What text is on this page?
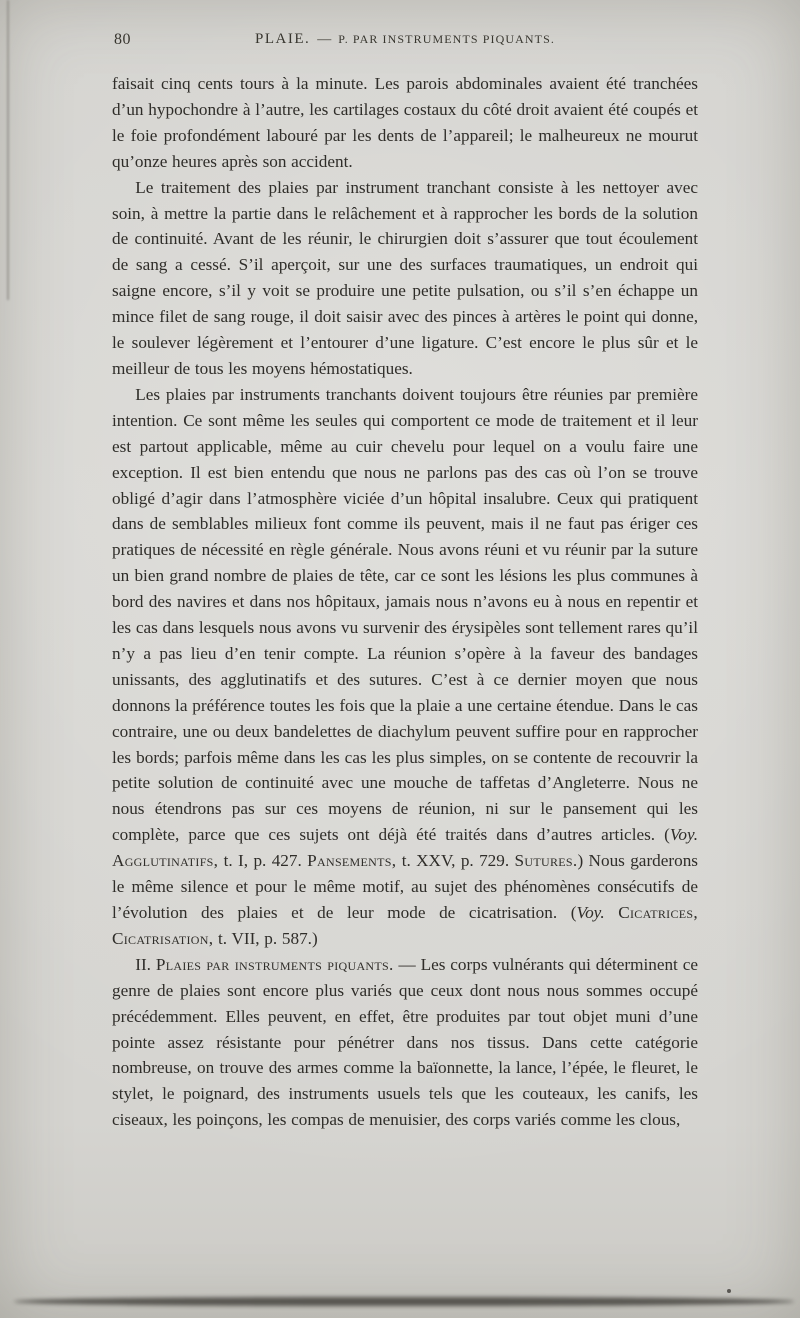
80	PLAIE. — P. PAR INSTRUMENTS PIQUANTS.

faisait cinq cents tours à la minute. Les parois abdominales avaient été tranchées d’un hypochondre à l’autre, les cartilages costaux du côté droit avaient été coupés et le foie profondément labouré par les dents de l’appareil; le malheureux ne mourut qu’onze heures après son accident.

Le traitement des plaies par instrument tranchant consiste à les nettoyer avec soin, à mettre la partie dans le relâchement et à rapprocher les bords de la solution de continuité. Avant de les réunir, le chirurgien doit s’assurer que tout écoulement de sang a cessé. S’il aperçoit, sur une des surfaces traumatiques, un endroit qui saigne encore, s’il y voit se produire une petite pulsation, ou s’il s’en échappe un mince filet de sang rouge, il doit saisir avec des pinces à artères le point qui donne, le soulever légèrement et l’entourer d’une ligature. C’est encore le plus sûr et le meilleur de tous les moyens hémostatiques.

Les plaies par instruments tranchants doivent toujours être réunies par première intention. Ce sont même les seules qui comportent ce mode de traitement et il leur est partout applicable, même au cuir chevelu pour lequel on a voulu faire une exception. Il est bien entendu que nous ne parlons pas des cas où l’on se trouve obligé d’agir dans l’atmosphère viciée d’un hôpital insalubre. Ceux qui pratiquent dans de semblables milieux font comme ils peuvent, mais il ne faut pas ériger ces pratiques de nécessité en règle générale. Nous avons réuni et vu réunir par la suture un bien grand nombre de plaies de tête, car ce sont les lésions les plus communes à bord des navires et dans nos hôpitaux, jamais nous n’avons eu à nous en repentir et les cas dans lesquels nous avons vu survenir des érysipèles sont tellement rares qu’il n’y a pas lieu d’en tenir compte. La réunion s’opère à la faveur des bandages unissants, des agglutinatifs et des sutures. C’est à ce dernier moyen que nous donnons la préférence toutes les fois que la plaie a une certaine étendue. Dans le cas contraire, une ou deux bandelettes de diachylum peuvent suffire pour en rapprocher les bords; parfois même dans les cas les plus simples, on se contente de recouvrir la petite solution de continuité avec une mouche de taffetas d’Angleterre. Nous ne nous étendrons pas sur ces moyens de réunion, ni sur le pansement qui les complète, parce que ces sujets ont déjà été traités dans d’autres articles. (Voy. Agglutinatifs, t. I, p. 427. Pansements, t. XXV, p. 729. Sutures.) Nous garderons le même silence et pour le même motif, au sujet des phénomènes consécutifs de l’évolution des plaies et de leur mode de cicatrisation. (Voy. Cicatrices, Cicatrisation, t. VII, p. 587.)

II. Plaies par instruments piquants. — Les corps vulnérants qui déterminent ce genre de plaies sont encore plus variés que ceux dont nous nous sommes occupé précédemment. Elles peuvent, en effet, être produites par tout objet muni d’une pointe assez résistante pour pénétrer dans nos tissus. Dans cette catégorie nombreuse, on trouve des armes comme la baïonnette, la lance, l’épée, le fleuret, le stylet, le poignard, des instruments usuels tels que les couteaux, les canifs, les ciseaux, les poinçons, les compas de menuisier, des corps variés comme les clous,
